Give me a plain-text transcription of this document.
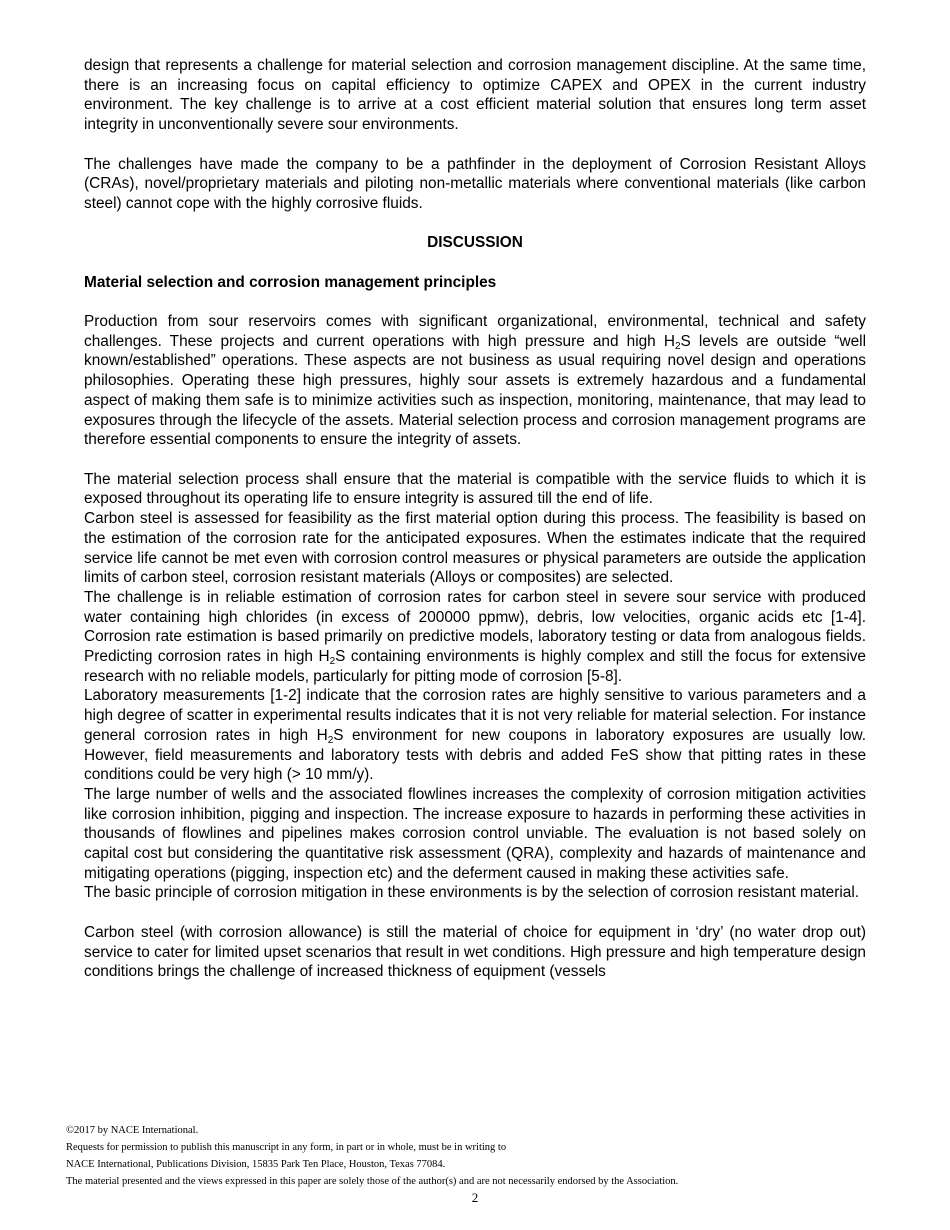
design that represents a challenge for material selection and corrosion management discipline. At the same time, there is an increasing focus on capital efficiency to optimize CAPEX and OPEX in the current industry environment. The key challenge is to arrive at a cost efficient material solution that ensures long term asset integrity in unconventionally severe sour environments.

The challenges have made the company to be a pathfinder in the deployment of Corrosion Resistant Alloys (CRAs), novel/proprietary materials and piloting non-metallic materials where conventional materials (like carbon steel) cannot cope with the highly corrosive fluids.

DISCUSSION

Material selection and corrosion management principles

Production from sour reservoirs comes with significant organizational, environmental, technical and safety challenges. These projects and current operations with high pressure and high $H_2S$ levels are outside “well known/established” operations. These aspects are not business as usual requiring novel design and operations philosophies. Operating these high pressures, highly sour assets is extremely hazardous and a fundamental aspect of making them safe is to minimize activities such as inspection, monitoring, maintenance, that may lead to exposures through the lifecycle of the assets. Material selection process and corrosion management programs are therefore essential components to ensure the integrity of assets.

The material selection process shall ensure that the material is compatible with the service fluids to which it is exposed throughout its operating life to ensure integrity is assured till the end of life.

Carbon steel is assessed for feasibility as the first material option during this process. The feasibility is based on the estimation of the corrosion rate for the anticipated exposures. When the estimates indicate that the required service life cannot be met even with corrosion control measures or physical parameters are outside the application limits of carbon steel, corrosion resistant materials (Alloys or composites) are selected.

The challenge is in reliable estimation of corrosion rates for carbon steel in severe sour service with produced water containing high chlorides (in excess of 200000 ppmw), debris, low velocities, organic acids etc [1-4]. Corrosion rate estimation is based primarily on predictive models, laboratory testing or data from analogous fields. Predicting corrosion rates in high $H_2S$ containing environments is highly complex and still the focus for extensive research with no reliable models, particularly for pitting mode of corrosion [5-8].

Laboratory measurements [1-2] indicate that the corrosion rates are highly sensitive to various parameters and a high degree of scatter in experimental results indicates that it is not very reliable for material selection. For instance general corrosion rates in high $H_2S$ environment for new coupons in laboratory exposures are usually low. However, field measurements and laboratory tests with debris and added FeS show that pitting rates in these conditions could be very high (> 10 mm/y).

The large number of wells and the associated flowlines increases the complexity of corrosion mitigation activities like corrosion inhibition, pigging and inspection. The increase exposure to hazards in performing these activities in thousands of flowlines and pipelines makes corrosion control unviable. The evaluation is not based solely on capital cost but considering the quantitative risk assessment (QRA), complexity and hazards of maintenance and mitigating operations (pigging, inspection etc) and the deferment caused in making these activities safe.

The basic principle of corrosion mitigation in these environments is by the selection of corrosion resistant material.

Carbon steel (with corrosion allowance) is still the material of choice for equipment in ‘dry’ (no water drop out) service to cater for limited upset scenarios that result in wet conditions. High pressure and high temperature design conditions brings the challenge of increased thickness of equipment (vessels

©2017 by NACE International.

Requests for permission to publish this manuscript in any form, in part or in whole, must be in writing to

NACE International, Publications Division, 15835 Park Ten Place, Houston, Texas 77084.

The material presented and the views expressed in this paper are solely those of the author(s) and are not necessarily endorsed by the Association.

2
